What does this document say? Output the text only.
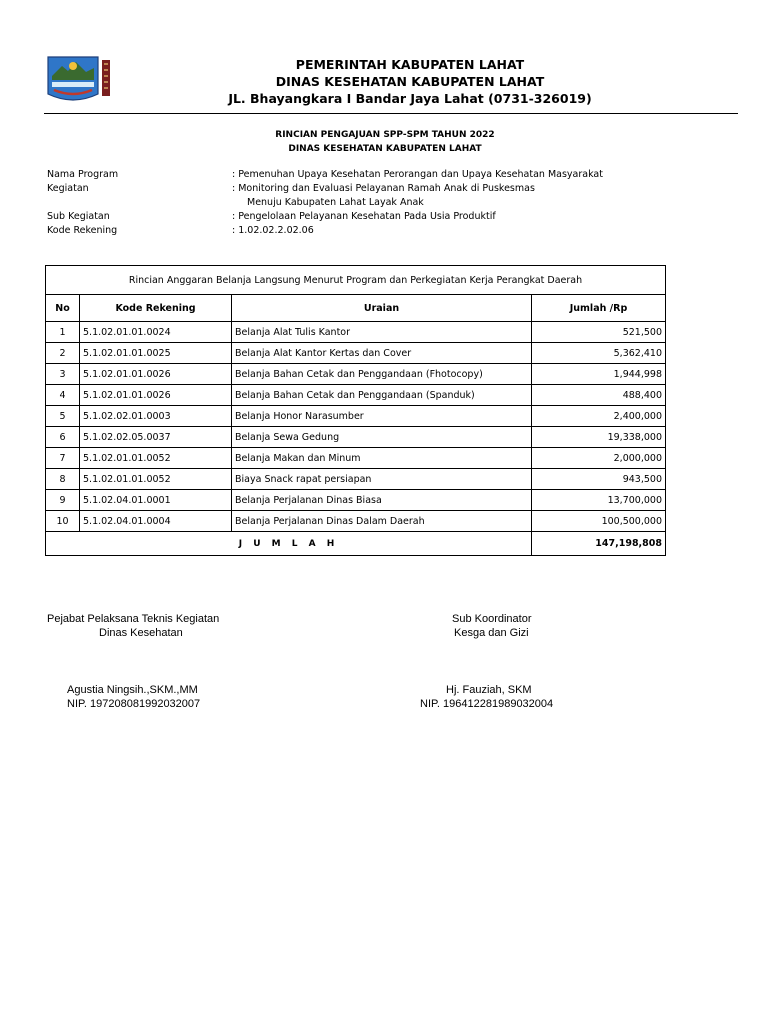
PEMERINTAH KABUPATEN LAHAT
DINAS KESEHATAN KABUPATEN LAHAT
JL. Bhayangkara I Bandar Jaya Lahat (0731-326019)
RINCIAN PENGAJUAN SPP-SPM TAHUN 2022
DINAS KESEHATAN KABUPATEN LAHAT
Nama Program	: Pemenuhan Upaya Kesehatan Perorangan dan Upaya Kesehatan Masyarakat
Kegiatan	: Monitoring dan Evaluasi Pelayanan Ramah Anak di Puskesmas
Menuju Kabupaten Lahat Layak Anak
Sub Kegiatan	: Pengelolaan Pelayanan Kesehatan Pada Usia Produktif
Kode Rekening	: 1.02.02.2.02.06
Rincian Anggaran Belanja Langsung Menurut Program dan Perkegiatan Kerja Perangkat Daerah			
No	Kode Rekening	Uraian	Jumlah /Rp
1	5.1.02.01.01.0024	Belanja Alat Tulis Kantor	521,500
2	5.1.02.01.01.0025	Belanja Alat Kantor Kertas dan Cover	5,362,410
3	5.1.02.01.01.0026	Belanja Bahan Cetak dan Penggandaan (Fhotocopy)	1,944,998
4	5.1.02.01.01.0026	Belanja Bahan Cetak dan Penggandaan (Spanduk)	488,400
5	5.1.02.02.01.0003	Belanja Honor Narasumber	2,400,000
6	5.1.02.02.05.0037	Belanja Sewa Gedung	19,338,000
7	5.1.02.01.01.0052	Belanja Makan dan Minum	2,000,000
8	5.1.02.01.01.0052	Biaya Snack rapat persiapan	943,500
9	5.1.02.04.01.0001	Belanja Perjalanan Dinas Biasa	13,700,000
10	5.1.02.04.01.0004	Belanja Perjalanan Dinas Dalam Daerah	100,500,000
J U M L A H			147,198,808
Pejabat Pelaksana Teknis Kegiatan
Dinas Kesehatan
Agustia Ningsih.,SKM.,MM
NIP. 197208081992032007
Sub Koordinator
Kesga dan Gizi
Hj. Fauziah, SKM
NIP. 196412281989032004
